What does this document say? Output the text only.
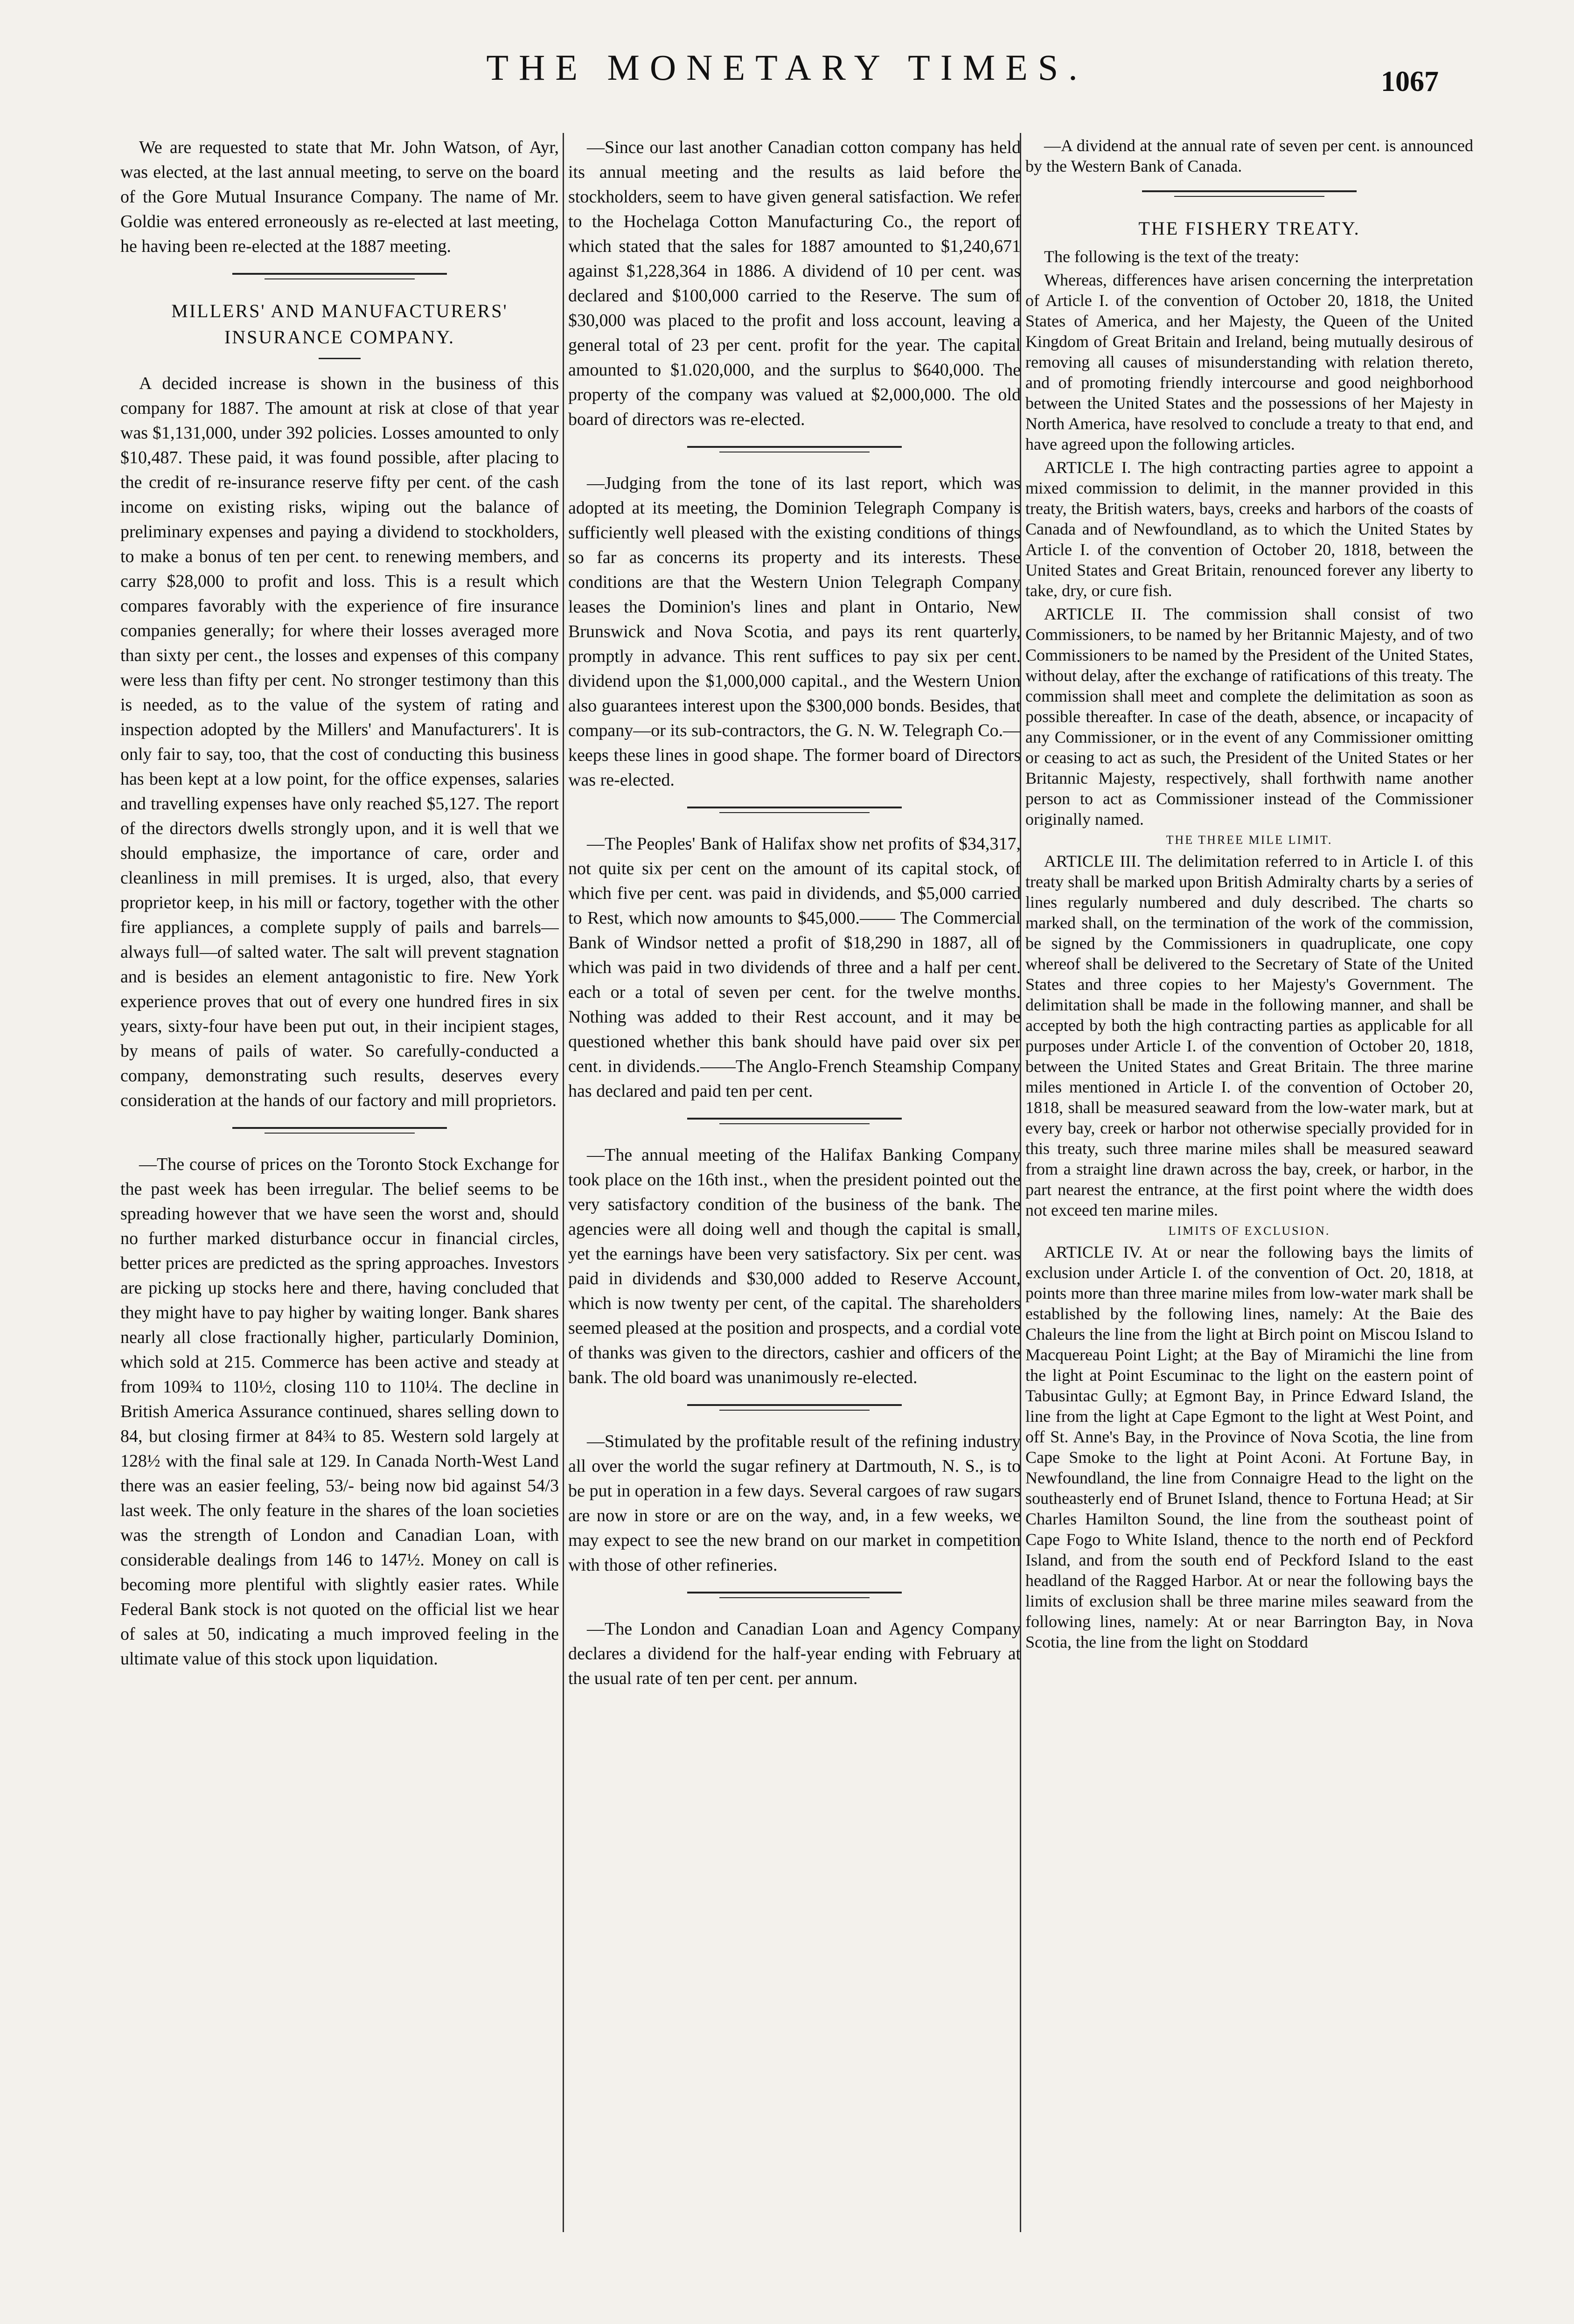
THE MONETARY TIMES.	1067

We are requested to state that Mr. John Watson, of Ayr, was elected, at the last annual meeting, to serve on the board of the Gore Mutual Insurance Company. The name of Mr. Goldie was entered erroneously as re-elected at last meeting, he having been re-elected at the 1887 meeting.

MILLERS' AND MANUFACTURERS' INSURANCE COMPANY.

A decided increase is shown in the business of this company for 1887. The amount at risk at close of that year was $1,131,000, under 392 policies. Losses amounted to only $10,487. These paid, it was found possible, after placing to the credit of re-insurance reserve fifty per cent. of the cash income on existing risks, wiping out the balance of preliminary expenses and paying a dividend to stockholders, to make a bonus of ten per cent. to renewing members, and carry $28,000 to profit and loss. This is a result which compares favorably with the experience of fire insurance companies generally; for where their losses averaged more than sixty per cent., the losses and expenses of this company were less than fifty per cent. No stronger testimony than this is needed, as to the value of the system of rating and inspection adopted by the Millers' and Manufacturers'. It is only fair to say, too, that the cost of conducting this business has been kept at a low point, for the office expenses, salaries and travelling expenses have only reached $5,127. The report of the directors dwells strongly upon, and it is well that we should emphasize, the importance of care, order and cleanliness in mill premises. It is urged, also, that every proprietor keep, in his mill or factory, together with the other fire appliances, a complete supply of pails and barrels—always full—of salted water. The salt will prevent stagnation and is besides an element antagonistic to fire. New York experience proves that out of every one hundred fires in six years, sixty-four have been put out, in their incipient stages, by means of pails of water. So carefully-conducted a company, demonstrating such results, deserves every consideration at the hands of our factory and mill proprietors.

—The course of prices on the Toronto Stock Exchange for the past week has been irregular. The belief seems to be spreading however that we have seen the worst and, should no further marked disturbance occur in financial circles, better prices are predicted as the spring approaches. Investors are picking up stocks here and there, having concluded that they might have to pay higher by waiting longer. Bank shares nearly all close fractionally higher, particularly Dominion, which sold at 215. Commerce has been active and steady at from 109¾ to 110½, closing 110 to 110¼. The decline in British America Assurance continued, shares selling down to 84, but closing firmer at 84¾ to 85. Western sold largely at 128½ with the final sale at 129. In Canada North-West Land there was an easier feeling, 53/- being now bid against 54/3 last week. The only feature in the shares of the loan societies was the strength of London and Canadian Loan, with considerable dealings from 146 to 147½. Money on call is becoming more plentiful with slightly easier rates. While Federal Bank stock is not quoted on the official list we hear of sales at 50, indicating a much improved feeling in the ultimate value of this stock upon liquidation.

—Since our last another Canadian cotton company has held its annual meeting and the results as laid before the stockholders, seem to have given general satisfaction. We refer to the Hochelaga Cotton Manufacturing Co., the report of which stated that the sales for 1887 amounted to $1,240,671 against $1,228,364 in 1886. A dividend of 10 per cent. was declared and $100,000 carried to the Reserve. The sum of $30,000 was placed to the profit and loss account, leaving a general total of 23 per cent. profit for the year. The capital amounted to $1.020,000, and the surplus to $640,000. The property of the company was valued at $2,000,000. The old board of directors was re-elected.

—Judging from the tone of its last report, which was adopted at its meeting, the Dominion Telegraph Company is sufficiently well pleased with the existing conditions of things so far as concerns its property and its interests. These conditions are that the Western Union Telegraph Company leases the Dominion's lines and plant in Ontario, New Brunswick and Nova Scotia, and pays its rent quarterly, promptly in advance. This rent suffices to pay six per cent. dividend upon the $1,000,000 capital., and the Western Union also guarantees interest upon the $300,000 bonds. Besides, that company—or its sub-contractors, the G. N. W. Telegraph Co.—keeps these lines in good shape. The former board of Directors was re-elected.

—The Peoples' Bank of Halifax show net profits of $34,317, not quite six per cent on the amount of its capital stock, of which five per cent. was paid in dividends, and $5,000 carried to Rest, which now amounts to $45,000.—— The Commercial Bank of Windsor netted a profit of $18,290 in 1887, all of which was paid in two dividends of three and a half per cent. each or a total of seven per cent. for the twelve months. Nothing was added to their Rest account, and it may be questioned whether this bank should have paid over six per cent. in dividends.——The Anglo-French Steamship Company has declared and paid ten per cent.

—The annual meeting of the Halifax Banking Company took place on the 16th inst., when the president pointed out the very satisfactory condition of the business of the bank. The agencies were all doing well and though the capital is small, yet the earnings have been very satisfactory. Six per cent. was paid in dividends and $30,000 added to Reserve Account, which is now twenty per cent, of the capital. The shareholders seemed pleased at the position and prospects, and a cordial vote of thanks was given to the directors, cashier and officers of the bank. The old board was unanimously re-elected.

—Stimulated by the profitable result of the refining industry all over the world the sugar refinery at Dartmouth, N. S., is to be put in operation in a few days. Several cargoes of raw sugars are now in store or are on the way, and, in a few weeks, we may expect to see the new brand on our market in competition with those of other refineries.

—The London and Canadian Loan and Agency Company declares a dividend for the half-year ending with February at the usual rate of ten per cent. per annum.

—A dividend at the annual rate of seven per cent. is announced by the Western Bank of Canada.

THE FISHERY TREATY.

The following is the text of the treaty:

Whereas, differences have arisen concerning the interpretation of Article I. of the convention of October 20, 1818, the United States of America, and her Majesty, the Queen of the United Kingdom of Great Britain and Ireland, being mutually desirous of removing all causes of misunderstanding with relation thereto, and of promoting friendly intercourse and good neighborhood between the United States and the possessions of her Majesty in North America, have resolved to conclude a treaty to that end, and have agreed upon the following articles.

ARTICLE I. The high contracting parties agree to appoint a mixed commission to delimit, in the manner provided in this treaty, the British waters, bays, creeks and harbors of the coasts of Canada and of Newfoundland, as to which the United States by Article I. of the convention of October 20, 1818, between the United States and Great Britain, renounced forever any liberty to take, dry, or cure fish.

ARTICLE II. The commission shall consist of two Commissioners, to be named by her Britannic Majesty, and of two Commissioners to be named by the President of the United States, without delay, after the exchange of ratifications of this treaty. The commission shall meet and complete the delimitation as soon as possible thereafter. In case of the death, absence, or incapacity of any Commissioner, or in the event of any Commissioner omitting or ceasing to act as such, the President of the United States or her Britannic Majesty, respectively, shall forthwith name another person to act as Commissioner instead of the Commissioner originally named.

THE THREE MILE LIMIT.

ARTICLE III. The delimitation referred to in Article I. of this treaty shall be marked upon British Admiralty charts by a series of lines regularly numbered and duly described. The charts so marked shall, on the termination of the work of the commission, be signed by the Commissioners in quadruplicate, one copy whereof shall be delivered to the Secretary of State of the United States and three copies to her Majesty's Government. The delimitation shall be made in the following manner, and shall be accepted by both the high contracting parties as applicable for all purposes under Article I. of the convention of October 20, 1818, between the United States and Great Britain. The three marine miles mentioned in Article I. of the convention of October 20, 1818, shall be measured seaward from the low-water mark, but at every bay, creek or harbor not otherwise specially provided for in this treaty, such three marine miles shall be measured seaward from a straight line drawn across the bay, creek, or harbor, in the part nearest the entrance, at the first point where the width does not exceed ten marine miles.

LIMITS OF EXCLUSION.

ARTICLE IV. At or near the following bays the limits of exclusion under Article I. of the convention of Oct. 20, 1818, at points more than three marine miles from low-water mark shall be established by the following lines, namely: At the Baie des Chaleurs the line from the light at Birch point on Miscou Island to Macquereau Point Light; at the Bay of Miramichi the line from the light at Point Escuminac to the light on the eastern point of Tabusintac Gully; at Egmont Bay, in Prince Edward Island, the line from the light at Cape Egmont to the light at West Point, and off St. Anne's Bay, in the Province of Nova Scotia, the line from Cape Smoke to the light at Point Aconi. At Fortune Bay, in Newfoundland, the line from Connaigre Head to the light on the southeasterly end of Brunet Island, thence to Fortuna Head; at Sir Charles Hamilton Sound, the line from the southeast point of Cape Fogo to White Island, thence to the north end of Peckford Island, and from the south end of Peckford Island to the east headland of the Ragged Harbor. At or near the following bays the limits of exclusion shall be three marine miles seaward from the following lines, namely: At or near Barrington Bay, in Nova Scotia, the line from the light on Stoddard
